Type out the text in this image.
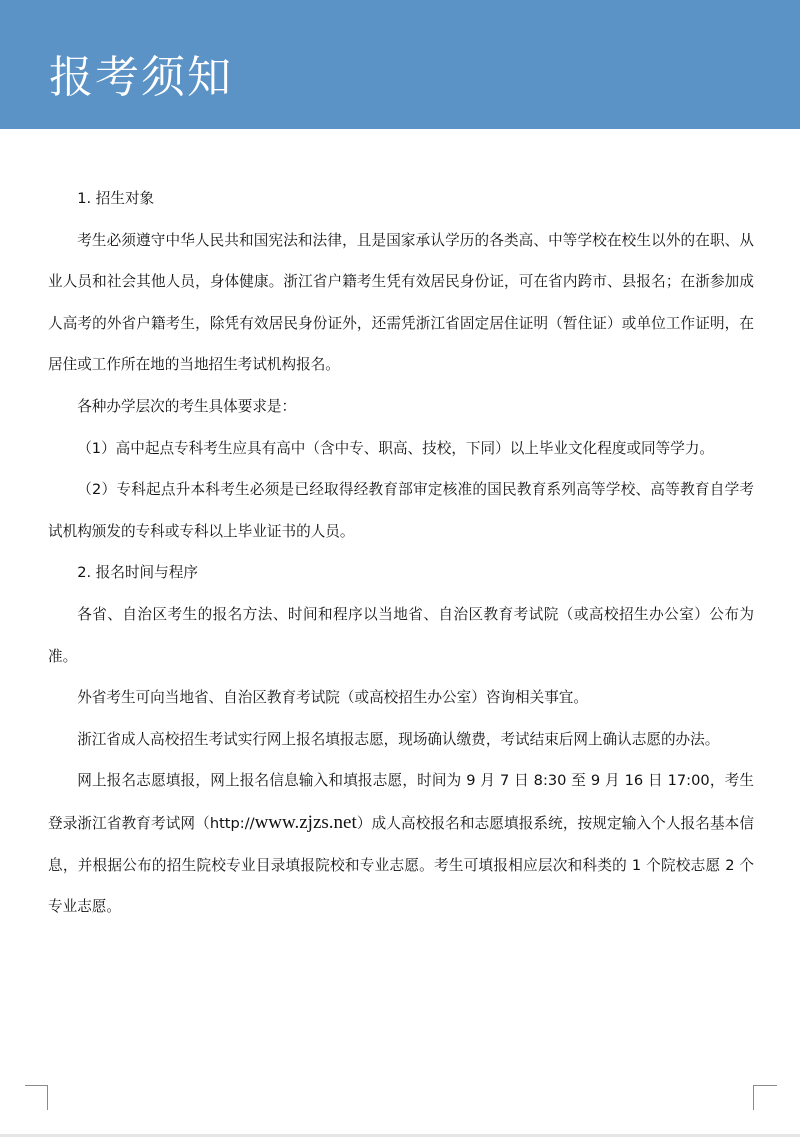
报考须知

1. 招生对象

考生必须遵守中华人民共和国宪法和法律，且是国家承认学历的各类高、中等学校在校生以外的在职、从业人员和社会其他人员，身体健康。浙江省户籍考生凭有效居民身份证，可在省内跨市、县报名；在浙参加成人高考的外省户籍考生，除凭有效居民身份证外，还需凭浙江省固定居住证明（暂住证）或单位工作证明，在居住或工作所在地的当地招生考试机构报名。

各种办学层次的考生具体要求是：

（1）高中起点专科考生应具有高中（含中专、职高、技校，下同）以上毕业文化程度或同等学力。

（2）专科起点升本科考生必须是已经取得经教育部审定核准的国民教育系列高等学校、高等教育自学考试机构颁发的专科或专科以上毕业证书的人员。

2. 报名时间与程序

各省、自治区考生的报名方法、时间和程序以当地省、自治区教育考试院（或高校招生办公室）公布为准。

外省考生可向当地省、自治区教育考试院（或高校招生办公室）咨询相关事宜。

浙江省成人高校招生考试实行网上报名填报志愿，现场确认缴费，考试结束后网上确认志愿的办法。

网上报名志愿填报，网上报名信息输入和填报志愿，时间为 9 月 7 日 8:30 至 9 月 16 日 17:00，考生登录浙江省教育考试网（http://www.zjzs.net）成人高校报名和志愿填报系统，按规定输入个人报名基本信息，并根据公布的招生院校专业目录填报院校和专业志愿。考生可填报相应层次和科类的 1 个院校志愿 2 个专业志愿。
